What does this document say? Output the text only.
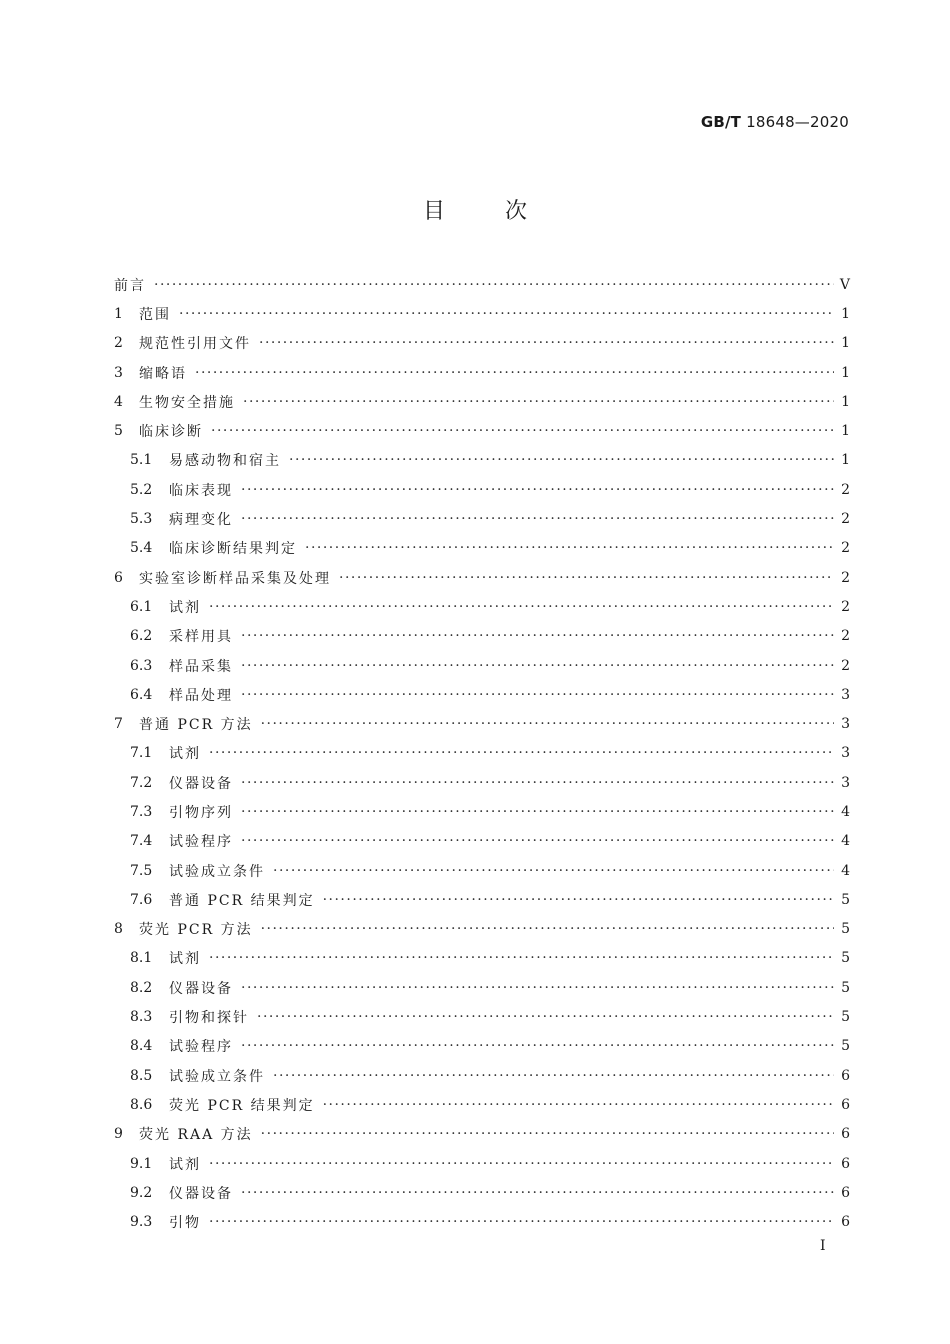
GB/T 18648—2020
目次
前言 ·····	V
1	范围 ·····	1
2	规范性引用文件 ·····	1
3	缩略语 ·····	1
4	生物安全措施 ·····	1
5	临床诊断 ·····	1
5.1	易感动物和宿主 ·····	1
5.2	临床表现 ·····	2
5.3	病理变化 ·····	2
5.4	临床诊断结果判定 ·····	2
6	实验室诊断样品采集及处理 ·····	2
6.1	试剂 ·····	2
6.2	采样用具 ·····	2
6.3	样品采集 ·····	2
6.4	样品处理 ·····	3
7	普通 PCR 方法 ·····	3
7.1	试剂 ·····	3
7.2	仪器设备 ·····	3
7.3	引物序列 ·····	4
7.4	试验程序 ·····	4
7.5	试验成立条件 ·····	4
7.6	普通 PCR 结果判定 ·····	5
8	荧光 PCR 方法 ·····	5
8.1	试剂 ·····	5
8.2	仪器设备 ·····	5
8.3	引物和探针 ·····	5
8.4	试验程序 ·····	5
8.5	试验成立条件 ·····	6
8.6	荧光 PCR 结果判定 ·····	6
9	荧光 RAA 方法 ·····	6
9.1	试剂 ·····	6
9.2	仪器设备 ·····	6
9.3	引物 ·····	6
I
